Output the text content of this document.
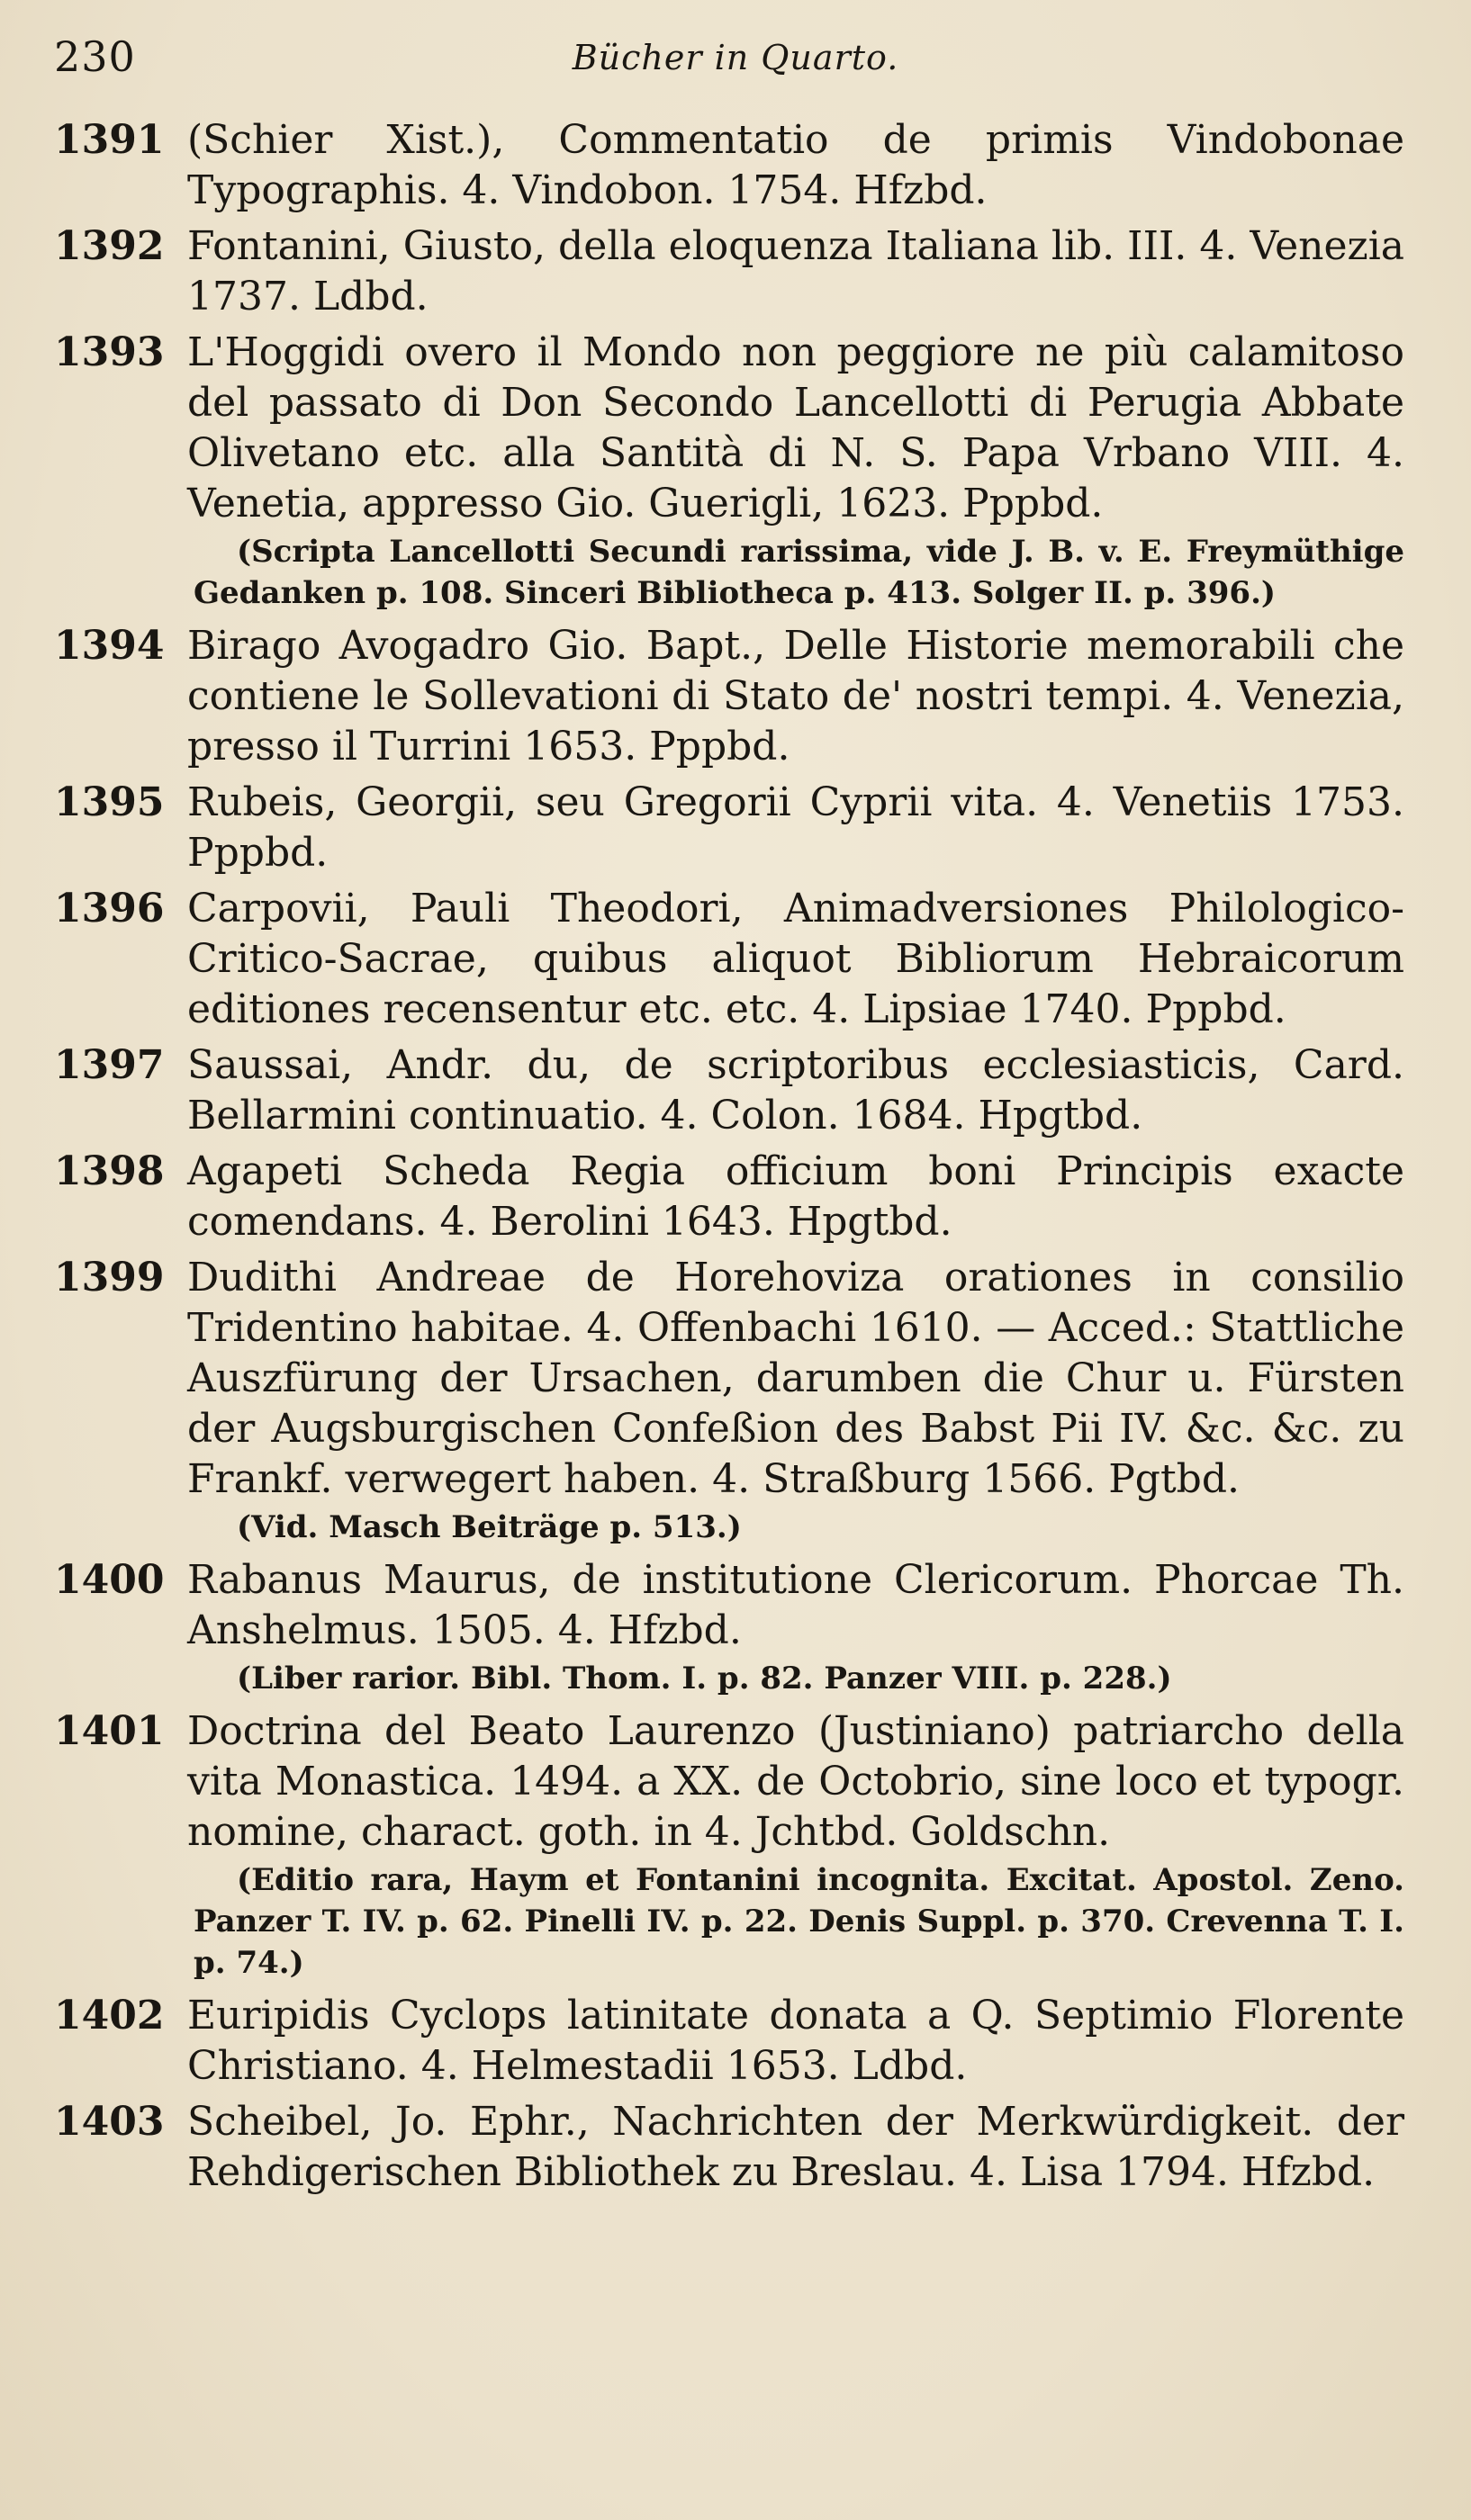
230	Bücher in Quarto.
1391 (Schier Xist.), Commentatio de primis Vindobonae Typographis. 4. Vindobon. 1754. Hfzbd.
1392 Fontanini, Giusto, della eloquenza Italiana lib. III. 4. Venezia 1737. Ldbd.
1393 L'Hoggidi overo il Mondo non peggiore ne più calamitoso del passato di Don Secondo Lancellotti di Perugia Abbate Olivetano etc. alla Santità di N. S. Papa Vrbano VIII. 4. Venetia, appresso Gio. Guerigli, 1623. Pppbd.
(Scripta Lancellotti Secundi rarissima, vide J. B. v. E. Freymüthige Gedanken p. 108. Sinceri Bibliotheca p. 413. Solger II. p. 396.)
1394 Birago Avogadro Gio. Bapt., Delle Historie memorabili che contiene le Sollevationi di Stato de' nostri tempi. 4. Venezia, presso il Turrini 1653. Pppbd.
1395 Rubeis, Georgii, seu Gregorii Cyprii vita. 4. Venetiis 1753. Pppbd.
1396 Carpovii, Pauli Theodori, Animadversiones Philologico-Critico-Sacrae, quibus aliquot Bibliorum Hebraicorum editiones recensentur etc. etc. 4. Lipsiae 1740. Pppbd.
1397 Saussai, Andr. du, de scriptoribus ecclesiasticis, Card. Bellarmini continuatio. 4. Colon. 1684. Hpgtbd.
1398 Agapeti Scheda Regia officium boni Principis exacte comendans. 4. Berolini 1643. Hpgtbd.
1399 Dudithi Andreae de Horehoviza orationes in consilio Tridentino habitae. 4. Offenbachi 1610. — Acced.: Stattliche Auszfürung der Ursachen, darumben die Chur u. Fürsten der Augsburgischen Confeßion des Babst Pii IV. &c. &c. zu Frankf. verwegert haben. 4. Straßburg 1566. Pgtbd.
(Vid. Masch Beiträge p. 513.)
1400 Rabanus Maurus, de institutione Clericorum. Phorcae Th. Anshelmus. 1505. 4. Hfzbd.
(Liber rarior. Bibl. Thom. I. p. 82. Panzer VIII. p. 228.)
1401 Doctrina del Beato Laurenzo (Justiniano) patriarcho della vita Monastica. 1494. a XX. de Octobrio, sine loco et typogr. nomine, charact. goth. in 4. Jchtbd. Goldschn.
(Editio rara, Haym et Fontanini incognita. Excitat. Apostol. Zeno. Panzer T. IV. p. 62. Pinelli IV. p. 22. Denis Suppl. p. 370. Crevenna T. I. p. 74.)
1402 Euripidis Cyclops latinitate donata a Q. Septimio Florente Christiano. 4. Helmestadii 1653. Ldbd.
1403 Scheibel, Jo. Ephr., Nachrichten der Merkwürdigkeit. der Rehdigerischen Bibliothek zu Breslau. 4. Lisa 1794. Hfzbd.
